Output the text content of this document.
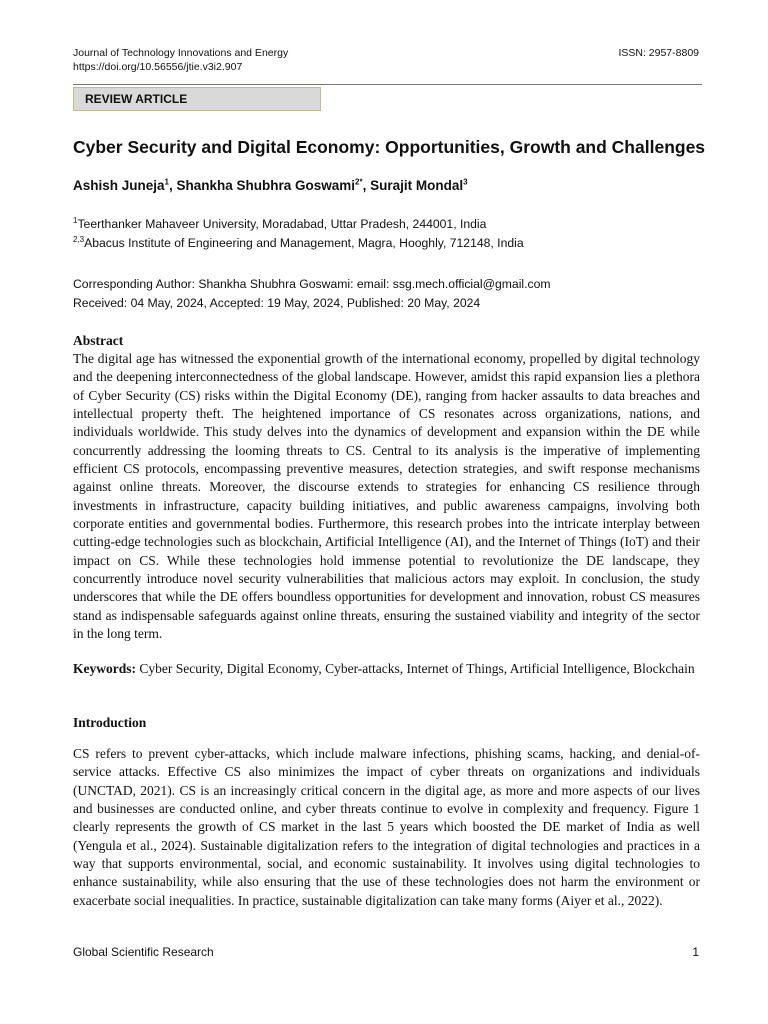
Journal of Technology Innovations and Energy
https://doi.org/10.56556/jtie.v3i2.907
ISSN: 2957-8809
REVIEW ARTICLE
Cyber Security and Digital Economy: Opportunities, Growth and Challenges
Ashish Juneja$^1$, Shankha Shubhra Goswami$^{2*}$, Surajit Mondal$^3$
$^1$Teerthanker Mahaveer University, Moradabad, Uttar Pradesh, 244001, India
$^{2,3}$Abacus Institute of Engineering and Management, Magra, Hooghly, 712148, India
Corresponding Author: Shankha Shubhra Goswami: email: ssg.mech.official@gmail.com
Received: 04 May, 2024, Accepted: 19 May, 2024, Published: 20 May, 2024
Abstract
The digital age has witnessed the exponential growth of the international economy, propelled by digital technology and the deepening interconnectedness of the global landscape. However, amidst this rapid expansion lies a plethora of Cyber Security (CS) risks within the Digital Economy (DE), ranging from hacker assaults to data breaches and intellectual property theft. The heightened importance of CS resonates across organizations, nations, and individuals worldwide. This study delves into the dynamics of development and expansion within the DE while concurrently addressing the looming threats to CS. Central to its analysis is the imperative of implementing efficient CS protocols, encompassing preventive measures, detection strategies, and swift response mechanisms against online threats. Moreover, the discourse extends to strategies for enhancing CS resilience through investments in infrastructure, capacity building initiatives, and public awareness campaigns, involving both corporate entities and governmental bodies. Furthermore, this research probes into the intricate interplay between cutting-edge technologies such as blockchain, Artificial Intelligence (AI), and the Internet of Things (IoT) and their impact on CS. While these technologies hold immense potential to revolutionize the DE landscape, they concurrently introduce novel security vulnerabilities that malicious actors may exploit. In conclusion, the study underscores that while the DE offers boundless opportunities for development and innovation, robust CS measures stand as indispensable safeguards against online threats, ensuring the sustained viability and integrity of the sector in the long term.
Keywords: Cyber Security, Digital Economy, Cyber-attacks, Internet of Things, Artificial Intelligence, Blockchain
Introduction
CS refers to prevent cyber-attacks, which include malware infections, phishing scams, hacking, and denial-of-service attacks. Effective CS also minimizes the impact of cyber threats on organizations and individuals (UNCTAD, 2021). CS is an increasingly critical concern in the digital age, as more and more aspects of our lives and businesses are conducted online, and cyber threats continue to evolve in complexity and frequency. Figure 1 clearly represents the growth of CS market in the last 5 years which boosted the DE market of India as well (Yengula et al., 2024). Sustainable digitalization refers to the integration of digital technologies and practices in a way that supports environmental, social, and economic sustainability. It involves using digital technologies to enhance sustainability, while also ensuring that the use of these technologies does not harm the environment or exacerbate social inequalities. In practice, sustainable digitalization can take many forms (Aiyer et al., 2022).
Global Scientific Research	1
